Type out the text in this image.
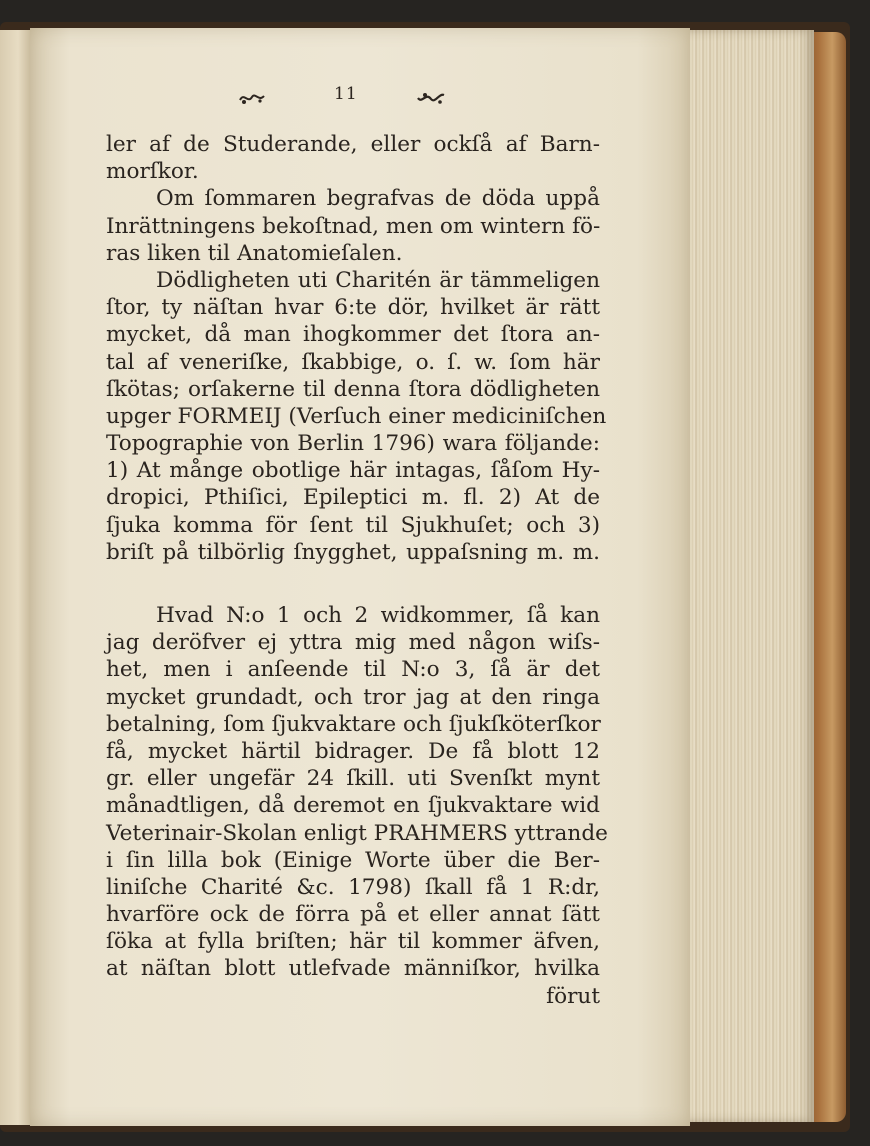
11
ler af de Studerande, eller ockſå af Barn-
morſkor.
Om ſommaren begrafvas de döda uppå
Inrättningens bekoſtnad, men om wintern fö-
ras liken til Anatomieſalen.
Dödligheten uti Charitén är tämmeligen
ſtor, ty näſtan hvar 6:te dör, hvilket är rätt
mycket, då man ihogkommer det ſtora an-
tal af veneriſke, ſkabbige, o. ſ. w. ſom här
ſkötas; orſakerne til denna ſtora dödligheten
upger FORMEIJ (Verſuch einer mediciniſchen
Topographie von Berlin 1796) wara följande:
1) At månge obotlige här intagas, ſåſom Hy-
dropici, Pthiſici, Epileptici m. fl. 2) At de
ſjuka komma för ſent til Sjukhuſet; och 3)
briſt på tilbörlig ſnygghet, uppaſsning m. m.
Hvad N:o 1 och 2 widkommer, ſå kan
jag deröfver ej yttra mig med någon wiſs-
het, men i anſeende til N:o 3, ſå är det
mycket grundadt, och tror jag at den ringa
betalning, ſom ſjukvaktare och ſjukſköterſkor
få, mycket härtil bidrager. De få blott 12
gr. eller ungefär 24 ſkill. uti Svenſkt mynt
månadtligen, då deremot en ſjukvaktare wid
Veterinair-Skolan enligt PRAHMERS yttrande
i ſin lilla bok (Einige Worte über die Ber-
liniſche Charité &c. 1798) ſkall få 1 R:dr,
hvarföre ock de förra på et eller annat ſätt
ſöka at fylla briſten; här til kommer äfven,
at näſtan blott utlefvade männiſkor, hvilka
förut
